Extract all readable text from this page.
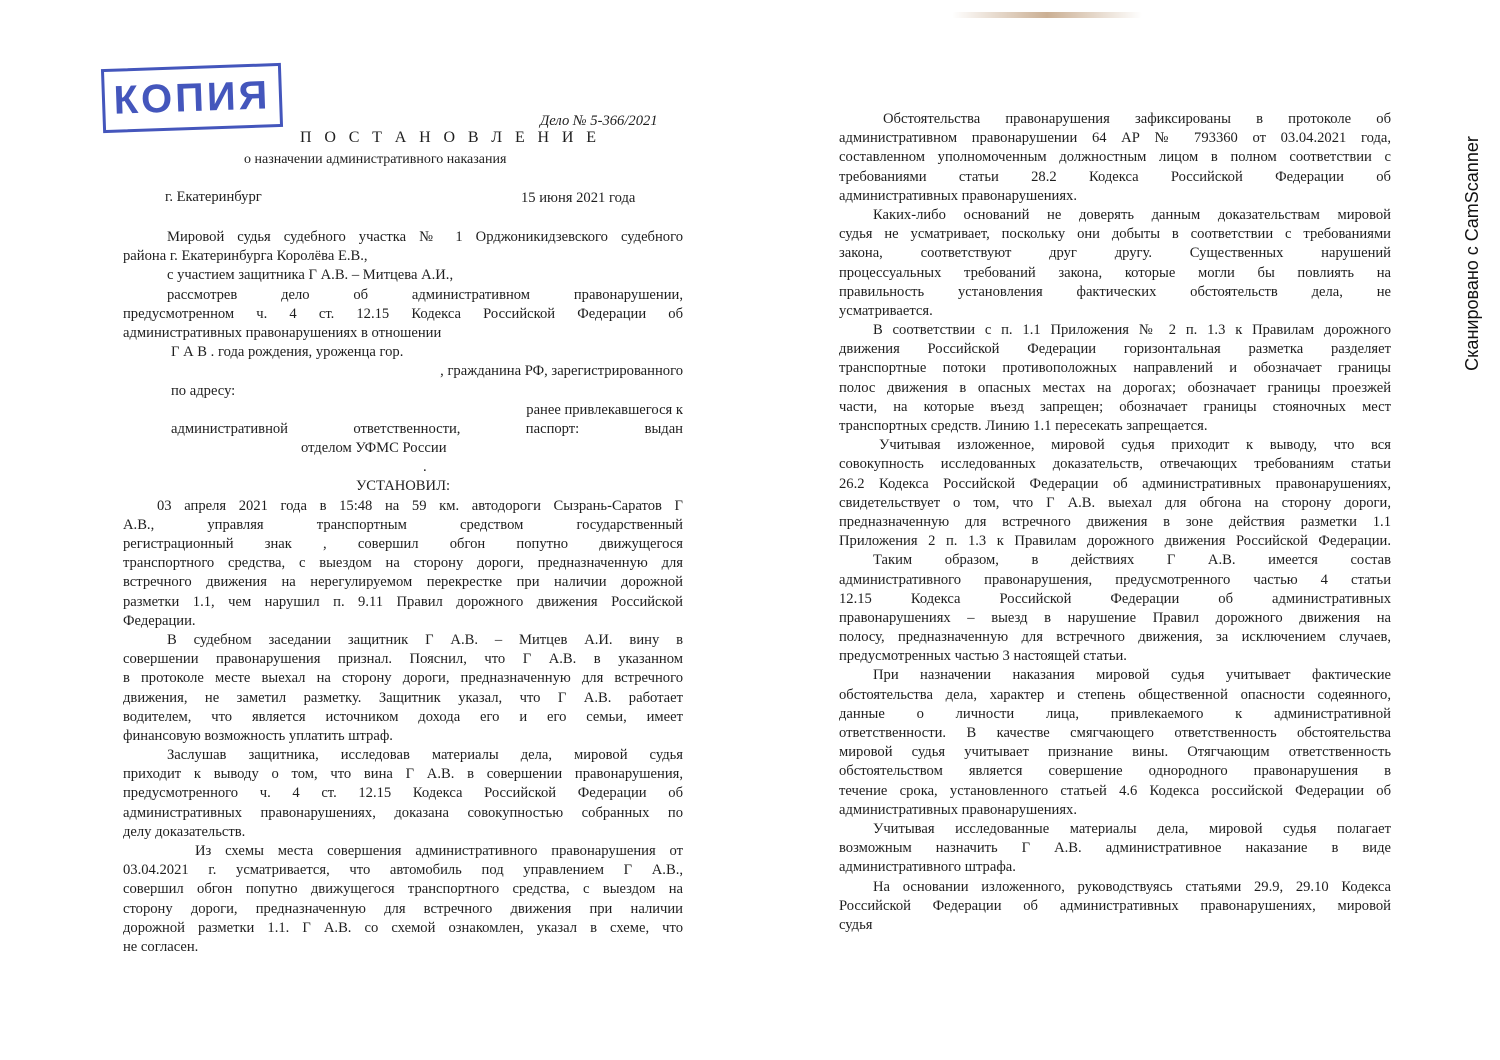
КОПИЯ	Дело № 5-366/2021
П О С Т А Н О В Л Е Н И Е
о назначении административного наказания
г. Екатеринбург	15 июня 2021 года
Мировой судья судебного участка № 1 Орджоникидзевского судебного
района г. Екатеринбурга Королёва Е.В.,
с участием защитника Г А.В. – Митцева А.И.,
рассмотрев дело об административном правонарушении,
предусмотренном ч. 4 ст. 12.15 Кодекса Российской Федерации об
административных правонарушениях в отношении
Г А В . года рождения, уроженца гор.
, гражданина РФ, зарегистрированного
по адресу:
ранее привлекавшегося к
административной ответственности, паспорт: выдан
отделом УФМС России
.
УСТАНОВИЛ:
03 апреля 2021 года в 15:48 на 59 км. автодороги Сызрань-Саратов Г
А.В., управляя транспортным средством государственный
регистрационный знак , совершил обгон попутно движущегося
транспортного средства, с выездом на сторону дороги, предназначенную для
встречного движения на нерегулируемом перекрестке при наличии дорожной
разметки 1.1, чем нарушил п. 9.11 Правил дорожного движения Российской
Федерации.
В судебном заседании защитник Г А.В. – Митцев А.И. вину в
совершении правонарушения признал. Пояснил, что Г А.В. в указанном
в протоколе месте выехал на сторону дороги, предназначенную для встречного
движения, не заметил разметку. Защитник указал, что Г А.В. работает
водителем, что является источником дохода его и его семьи, имеет
финансовую возможность уплатить штраф.
Заслушав защитника, исследовав материалы дела, мировой судья
приходит к выводу о том, что вина Г А.В. в совершении правонарушения,
предусмотренного ч. 4 ст. 12.15 Кодекса Российской Федерации об
административных правонарушениях, доказана совокупностью собранных по
делу доказательств.
Из схемы места совершения административного правонарушения от
03.04.2021 г. усматривается, что автомобиль под управлением Г А.В.,
совершил обгон попутно движущегося транспортного средства, с выездом на
сторону дороги, предназначенную для встречного движения при наличии
дорожной разметки 1.1. Г А.В. со схемой ознакомлен, указал в схеме, что
не согласен.
Обстоятельства правонарушения зафиксированы в протоколе об
административном правонарушении 64 АР № 793360 от 03.04.2021 года,
составленном уполномоченным должностным лицом в полном соответствии с
требованиями статьи 28.2 Кодекса Российской Федерации об
административных правонарушениях.
Каких-либо оснований не доверять данным доказательствам мировой
судья не усматривает, поскольку они добыты в соответствии с требованиями
закона, соответствуют друг другу. Существенных нарушений
процессуальных требований закона, которые могли бы повлиять на
правильность установления фактических обстоятельств дела, не
усматривается.
В соответствии с п. 1.1 Приложения № 2 п. 1.3 к Правилам дорожного
движения Российской Федерации горизонтальная разметка разделяет
транспортные потоки противоположных направлений и обозначает границы
полос движения в опасных местах на дорогах; обозначает границы проезжей
части, на которые въезд запрещен; обозначает границы стояночных мест
транспортных средств. Линию 1.1 пересекать запрещается.
Учитывая изложенное, мировой судья приходит к выводу, что вся
совокупность исследованных доказательств, отвечающих требованиям статьи
26.2 Кодекса Российской Федерации об административных правонарушениях,
свидетельствует о том, что Г А.В. выехал для обгона на сторону дороги,
предназначенную для встречного движения в зоне действия разметки 1.1
Приложения 2 п. 1.3 к Правилам дорожного движения Российской Федерации.
Таким образом, в действиях Г А.В. имеется состав
административного правонарушения, предусмотренного частью 4 статьи
12.15 Кодекса Российской Федерации об административных
правонарушениях – выезд в нарушение Правил дорожного движения на
полосу, предназначенную для встречного движения, за исключением случаев,
предусмотренных частью 3 настоящей статьи.
При назначении наказания мировой судья учитывает фактические
обстоятельства дела, характер и степень общественной опасности содеянного,
данные о личности лица, привлекаемого к административной
ответственности. В качестве смягчающего ответственность обстоятельства
мировой судья учитывает признание вины. Отягчающим ответственность
обстоятельством является совершение однородного правонарушения в
течение срока, установленного статьей 4.6 Кодекса российской Федерации об
административных правонарушениях.
Учитывая исследованные материалы дела, мировой судья полагает
возможным назначить Г А.В. административное наказание в виде
административного штрафа.
На основании изложенного, руководствуясь статьями 29.9, 29.10 Кодекса
Российской Федерации об административных правонарушениях, мировой
судья
Сканировано с CamScanner
